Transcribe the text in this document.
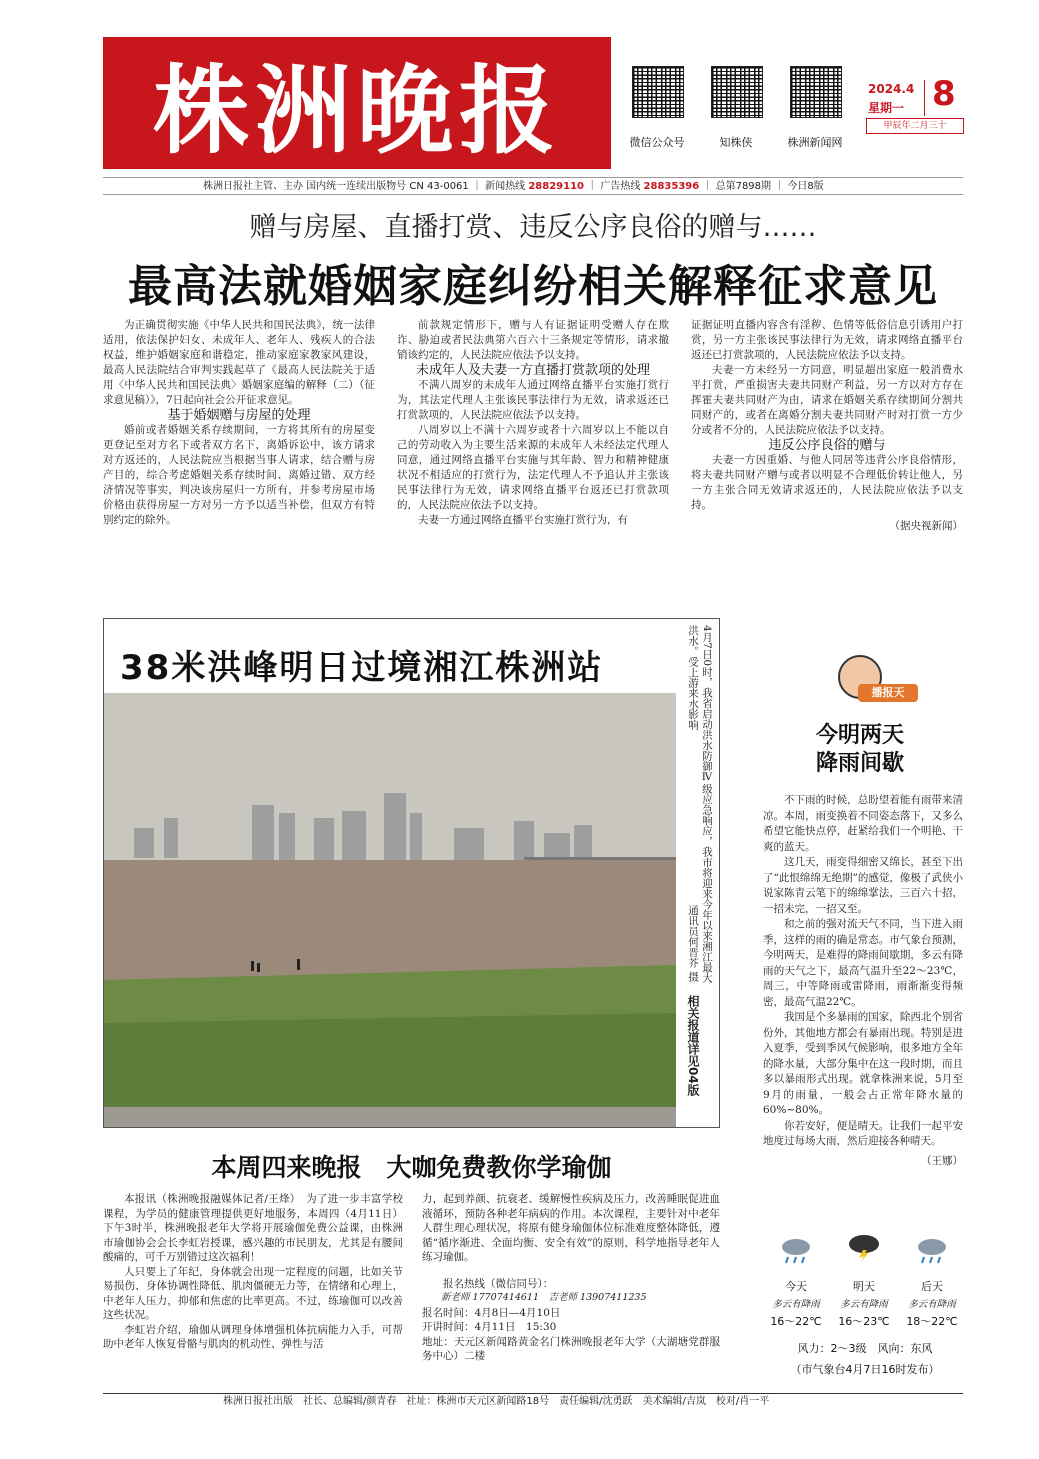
株洲晚报	微信公众号	知株侠	株洲新闻网
2024.4
星期一 8
甲辰年二月三十
株洲日报社主管、主办 国内统一连续出版物号 CN 43-0061 ｜ 新闻热线 28829110 ｜ 广告热线 28835396 ｜ 总第7898期 ｜ 今日8版
赠与房屋、直播打赏、违反公序良俗的赠与……
最高法就婚姻家庭纠纷相关解释征求意见

为正确贯彻实施《中华人民共和国民法典》，统一法律适用，依法保护妇女、未成年人、老年人、残疾人的合法权益，维护婚姻家庭和谐稳定，推动家庭家教家风建设，最高人民法院结合审判实践起草了《最高人民法院关于适用〈中华人民共和国民法典〉婚姻家庭编的解释（二）（征求意见稿）》，7日起向社会公开征求意见。

基于婚姻赠与房屋的处理

婚前或者婚姻关系存续期间，一方将其所有的房屋变更登记至对方名下或者双方名下，离婚诉讼中，该方请求对方返还的，人民法院应当根据当事人请求，结合赠与房产目的，综合考虑婚姻关系存续时间、离婚过错、双方经济情况等事实，判决该房屋归一方所有，并参考房屋市场价格由获得房屋一方对另一方予以适当补偿，但双方有特别约定的除外。

前款规定情形下，赠与人有证据证明受赠人存在欺诈、胁迫或者民法典第六百六十三条规定等情形，请求撤销该约定的，人民法院应依法予以支持。

未成年人及夫妻一方直播打赏款项的处理

不满八周岁的未成年人通过网络直播平台实施打赏行为，其法定代理人主张该民事法律行为无效，请求返还已打赏款项的，人民法院应依法予以支持。

八周岁以上不满十六周岁或者十六周岁以上不能以自己的劳动收入为主要生活来源的未成年人未经法定代理人同意，通过网络直播平台实施与其年龄、智力和精神健康状况不相适应的打赏行为，法定代理人不予追认并主张该民事法律行为无效，请求网络直播平台返还已打赏款项的，人民法院应依法予以支持。

夫妻一方通过网络直播平台实施打赏行为，有

证据证明直播内容含有淫秽、色情等低俗信息引诱用户打赏，另一方主张该民事法律行为无效，请求网络直播平台返还已打赏款项的，人民法院应依法予以支持。

夫妻一方未经另一方同意，明显超出家庭一般消费水平打赏，严重损害夫妻共同财产利益，另一方以对方存在挥霍夫妻共同财产为由，请求在婚姻关系存续期间分割共同财产的，或者在离婚分割夫妻共同财产时对打赏一方少分或者不分的，人民法院应依法予以支持。

违反公序良俗的赠与

夫妻一方因重婚、与他人同居等违背公序良俗情形，将夫妻共同财产赠与或者以明显不合理低价转让他人，另一方主张合同无效请求返还的，人民法院应依法予以支持。

（据央视新闻）

38米洪峰明日过境湘江株洲站	4月7日0时，我省启动洪水防御Ⅳ级应急响应，我市将迎来今年以来湘江最大洪水。受上游来水影响
通讯员何晋芥 摄
相关报道详见04版
播报天
今明两天
降雨间歇

不下雨的时候，总盼望着能有雨带来清凉。本周，雨变换着不同姿态落下，又多么希望它能快点停，赶紧给我们一个明艳、干爽的蓝天。

这几天，雨变得细密又绵长，甚至下出了“此恨绵绵无绝期”的感觉，像极了武侠小说家陈青云笔下的绵绵掌法，三百六十招，一招未完，一招又至。

和之前的强对流天气不同，当下进入雨季，这样的雨的确是常态。市气象台预测，今明两天，是难得的降雨间歇期，多云有降雨的天气之下，最高气温升至22～23℃，周三，中等降雨或雷降雨，雨渐渐变得频密，最高气温22℃。

我国是个多暴雨的国家，除西北个别省份外，其他地方都会有暴雨出现。特别是进入夏季，受到季风气候影响，很多地方全年的降水量，大部分集中在这一段时期，而且多以暴雨形式出现。就拿株洲来说，5月至9月的雨量，一般会占正常年降水量的60%~80%。

你若安好，便是晴天。让我们一起平安地度过每场大雨，然后迎接各种晴天。

（王娜）

今天
多云有降雨
16～22℃
明天
多云有降雨
16～23℃
后天
多云有降雨
18～22℃
风力：2～3级　风向：东风
（市气象台4月7日16时发布）
本周四来晚报　大咖免费教你学瑜伽

本报讯（株洲晚报融媒体记者/王烽）　为了进一步丰富学校课程，为学员的健康管理提供更好地服务，本周四（4月11日）下午3时半，株洲晚报老年大学将开展瑜伽免费公益课，由株洲市瑜伽协会会长李虹岩授课，感兴趣的市民朋友，尤其是有腰间酸痛的，可千万别错过这次福利！

人只要上了年纪，身体就会出现一定程度的问题，比如关节易损伤、身体协调性降低、肌肉僵硬无力等，在情绪和心理上，中老年人压力，抑郁和焦虑的比率更高。不过，练瑜伽可以改善这些状况。

李虹岩介绍，瑜伽从调理身体增强机体抗病能力入手，可帮助中老年人恢复骨骼与肌肉的机动性、弹性与活

力，起到养颜、抗衰老、缓解慢性疾病及压力，改善睡眠促进血液循环，预防各种老年病病的作用。本次课程，主要针对中老年人群生理心理状况，将原有健身瑜伽体位标准难度整体降低，遵循“循序渐进、全面均衡、安全有效”的原则，科学地指导老年人练习瑜伽。

报名热线（微信同号）：

新老师 17707414611　吉老师 13907411235

报名时间：4月8日—4月10日

开讲时间：4月11日　15:30

地址：天元区新闻路黄金名门株洲晚报老年大学（大湖塘党群服务中心）二楼

株洲日报社出版　社长、总编辑/颜青春　社址：株洲市天元区新闻路18号　责任编辑/沈勇跃　美术编辑/吉岚　校对/肖一平
